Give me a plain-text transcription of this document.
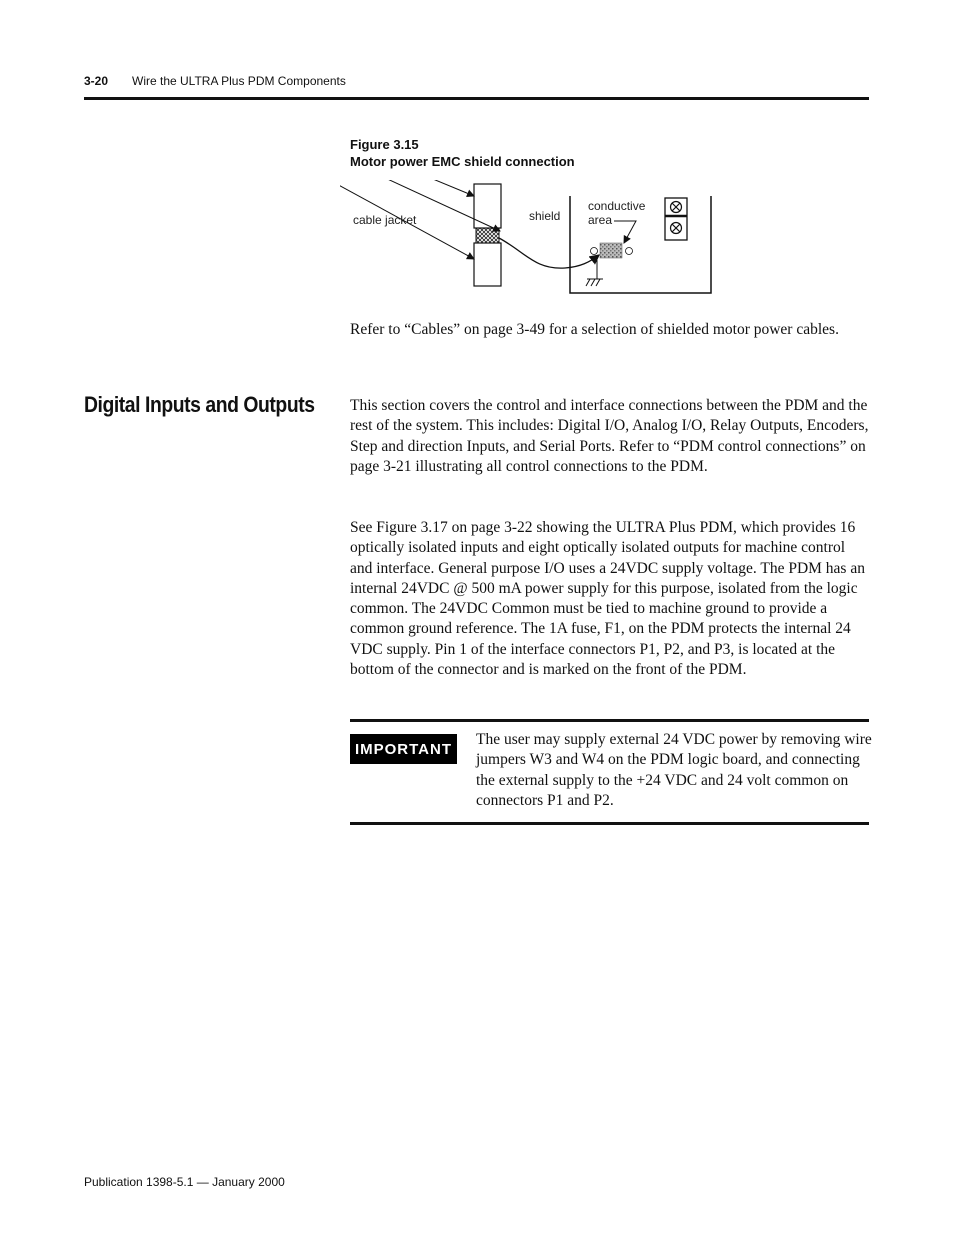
3-20 Wire the ULTRA Plus PDM Components
Figure 3.15
Motor power EMC shield connection
cable jacket	shield
conductive
area

Refer to “Cables” on page 3-49 for a selection of shielded motor power cables.

Digital Inputs and Outputs This section covers the control and interface connections between the PDM and the rest of the system. This includes: Digital I/O, Analog I/O, Relay Outputs, Encoders, Step and direction Inputs, and Serial Ports. Refer to “PDM control connections” on page 3-21 illustrating all control connections to the PDM.

See Figure 3.17 on page 3-22 showing the ULTRA Plus PDM, which provides 16 optically isolated inputs and eight optically isolated outputs for machine control and interface. General purpose I/O uses a 24VDC supply voltage. The PDM has an internal 24VDC @ 500 mA power supply for this purpose, isolated from the logic common. The 24VDC Common must be tied to machine ground to provide a common ground reference. The 1A fuse, F1, on the PDM protects the internal 24 VDC supply. Pin 1 of the interface connectors P1, P2, and P3, is located at the bottom of the connector and is marked on the front of the PDM.

IMPORTANT

The user may supply external 24 VDC power by removing wire jumpers W3 and W4 on the PDM logic board, and connecting the external supply to the +24 VDC and 24 volt common on connectors P1 and P2.

Publication 1398-5.1 — January 2000
